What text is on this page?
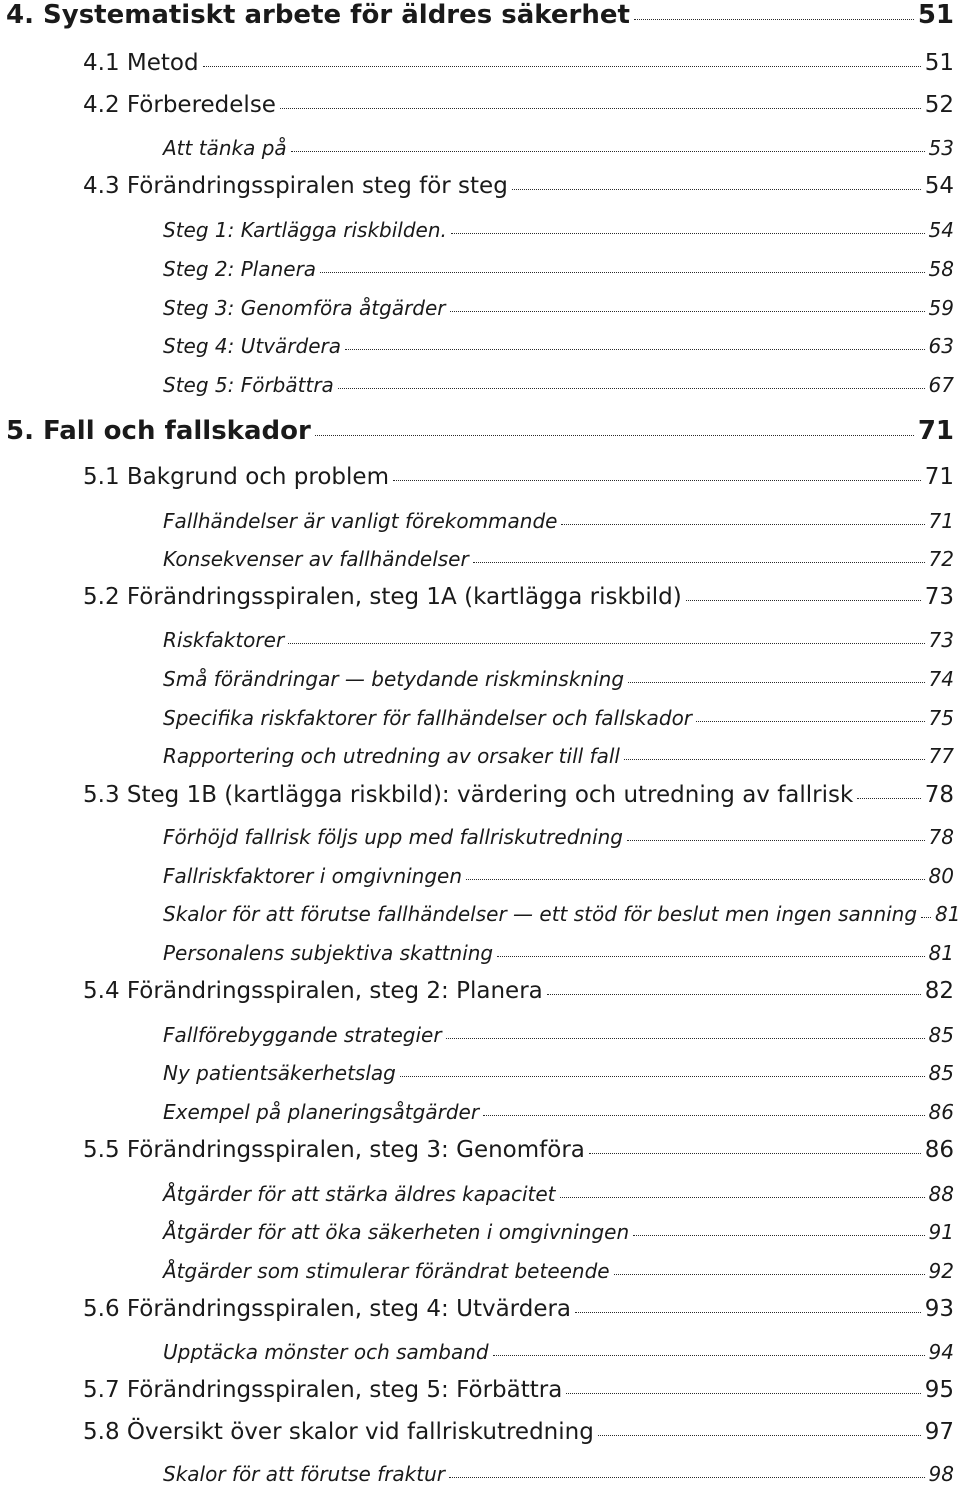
4. Systematiskt arbete för äldres säkerhet	51
4.1 Metod	51
4.2 Förberedelse	52
Att tänka på	53
4.3 Förändringsspiralen steg för steg	54
Steg 1: Kartlägga riskbilden.	54
Steg 2: Planera	58
Steg 3: Genomföra åtgärder	59
Steg 4: Utvärdera	63
Steg 5: Förbättra	67
5. Fall och fallskador	71
5.1 Bakgrund och problem	71
Fallhändelser är vanligt förekommande	71
Konsekvenser av fallhändelser	72
5.2 Förändringsspiralen, steg 1A (kartlägga riskbild)	73
Riskfaktorer	73
Små förändringar — betydande riskminskning	74
Specifika riskfaktorer för fallhändelser och fallskador	75
Rapportering och utredning av orsaker till fall	77
5.3 Steg 1B (kartlägga riskbild): värdering och utredning av fallrisk	78
Förhöjd fallrisk följs upp med fallriskutredning	78
Fallriskfaktorer i omgivningen	80
Skalor för att förutse fallhändelser — ett stöd för beslut men ingen sanning 81
Personalens subjektiva skattning	81
5.4 Förändringsspiralen, steg 2: Planera	82
Fallförebyggande strategier	85
Ny patientsäkerhetslag	85
Exempel på planeringsåtgärder	86
5.5 Förändringsspiralen, steg 3: Genomföra	86
Åtgärder för att stärka äldres kapacitet	88
Åtgärder för att öka säkerheten i omgivningen	91
Åtgärder som stimulerar förändrat beteende	92
5.6 Förändringsspiralen, steg 4: Utvärdera	93
Upptäcka mönster och samband	94
5.7 Förändringsspiralen, steg 5: Förbättra	95
5.8 Översikt över skalor vid fallriskutredning	97
Skalor för att förutse fraktur	98
